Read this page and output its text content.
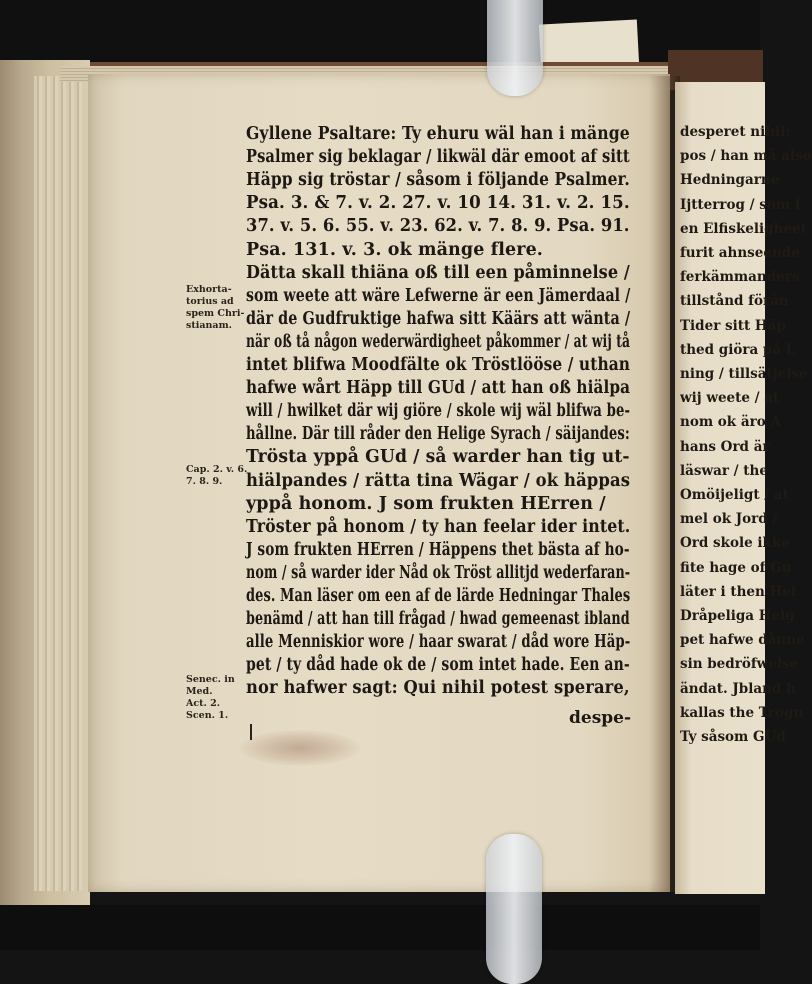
Exhorta-
torius ad
spem Chri-
stianam.
Cap. 2. v. 6.
7. 8. 9.
Senec. in
Med.
Act. 2.
Scen. 1.
Gyllene Psaltare: Ty ehuru wäl han i mänge
Psalmer sig beklagar / likwäl där emoot af sitt
Häpp sig tröstar / såsom i följande Psalmer.
Psa. 3. & 7. v. 2. 27. v. 10 14. 31. v. 2. 15.
37. v. 5. 6. 55. v. 23. 62. v. 7. 8. 9. Psa. 91.
Psa. 131. v. 3. ok mänge flere.
Dätta skall thiäna oß till een påminnelse /
som weete att wäre Lefwerne är een Jämerdaal /
där de Gudfruktige hafwa sitt Käärs att wänta /
när oß tå någon wederwärdigheet påkommer / at wij tå
intet blifwa Moodfälte ok Tröstlööse / uthan
hafwe wårt Häpp till GUd / att han oß hiälpa
will / hwilket där wij giöre / skole wij wäl blifwa be-
hållne. Där till råder den Helige Syrach / säijandes:
Trösta yppå GUd / så warder han tig ut-
hiälpandes / rätta tina Wägar / ok häppas
yppå honom. J som frukten HErren /
Tröster på honom / ty han feelar ider intet.
J som frukten HErren / Häppens thet bästa af ho-
nom / så warder ider Nåd ok Tröst allitjd wederfaran-
des. Man läser om een af de lärde Hedningar Thales
benämd / att han till frågad / hwad gemeenast ibland
alle Menniskior wore / haar swarat / dåd wore Häp-
pet / ty dåd hade ok de / som intet hade. Een an-
nor hafwer sagt: Qui nihil potest sperare,
despe-
desperet nihil;
pos / han må also
Hedningarne
Ijtterrog / som f
en Elfiskeligheet
furit ahnseende
ferkämmanders
tillstånd förän
Tider sitt Häp
thed giöra på L
ning / tillsätjelse
wij weete / at
nom ok äro A
hans Ord är
läswar / the
Omöijeligt / at
mel ok Jord /
Ord skole ikke
fite hage of Gu
läter i then Hel
Dråpeliga Helg
pet hafwe dånne
sin bedröfwelse
ändat. Jbland h
kallas the Trogn
Ty såsom GUd
